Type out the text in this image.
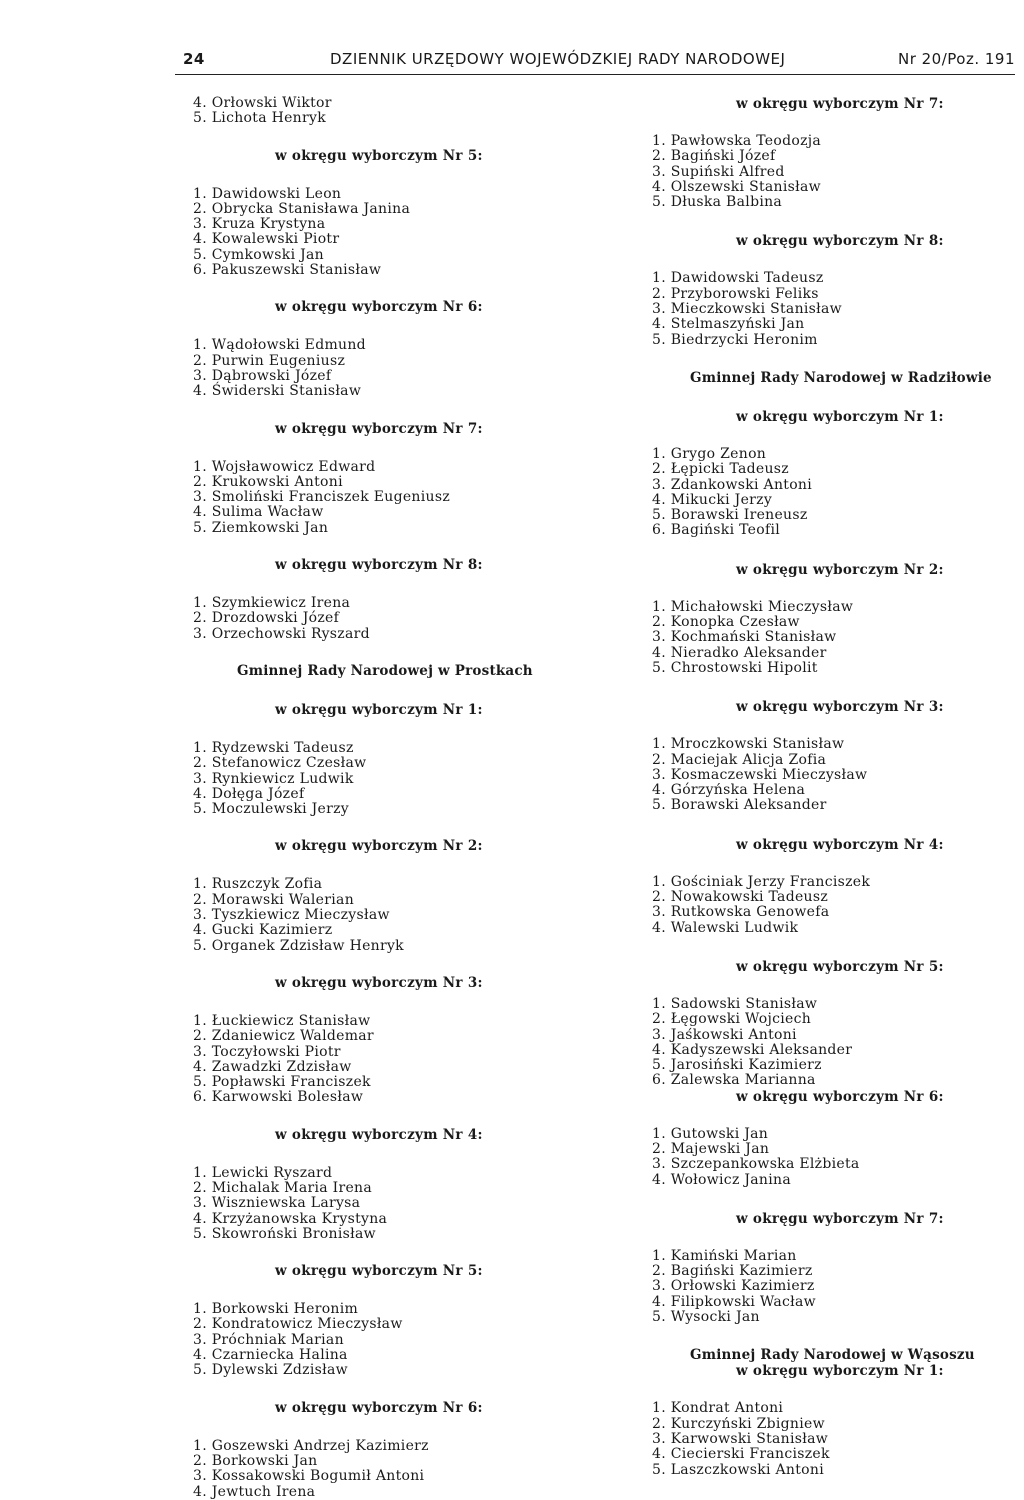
24	DZIENNIK URZĘDOWY WOJEWÓDZKIEJ RADY NARODOWEJ	Nr 20/Poz. 191
4. Orłowski Wiktor
5. Lichota Henryk
w okręgu wyborczym Nr 5:
1. Dawidowski Leon
2. Obrycka Stanisława Janina
3. Kruza Krystyna
4. Kowalewski Piotr
5. Cymkowski Jan
6. Pakuszewski Stanisław
w okręgu wyborczym Nr 6:
1. Wądołowski Edmund
2. Purwin Eugeniusz
3. Dąbrowski Józef
4. Świderski Stanisław
w okręgu wyborczym Nr 7:
1. Wojsławowicz Edward
2. Krukowski Antoni
3. Smoliński Franciszek Eugeniusz
4. Sulima Wacław
5. Ziemkowski Jan
w okręgu wyborczym Nr 8:
1. Szymkiewicz Irena
2. Drozdowski Józef
3. Orzechowski Ryszard
Gminnej Rady Narodowej w Prostkach
w okręgu wyborczym Nr 1:
1. Rydzewski Tadeusz
2. Stefanowicz Czesław
3. Rynkiewicz Ludwik
4. Dołęga Józef
5. Moczulewski Jerzy
w okręgu wyborczym Nr 2:
1. Ruszczyk Zofia
2. Morawski Walerian
3. Tyszkiewicz Mieczysław
4. Gucki Kazimierz
5. Organek Zdzisław Henryk
w okręgu wyborczym Nr 3:
1. Łuckiewicz Stanisław
2. Zdaniewicz Waldemar
3. Toczyłowski Piotr
4. Zawadzki Zdzisław
5. Popławski Franciszek
6. Karwowski Bolesław
w okręgu wyborczym Nr 4:
1. Lewicki Ryszard
2. Michalak Maria Irena
3. Wiszniewska Larysa
4. Krzyżanowska Krystyna
5. Skowroński Bronisław
w okręgu wyborczym Nr 5:
1. Borkowski Heronim
2. Kondratowicz Mieczysław
3. Próchniak Marian
4. Czarniecka Halina
5. Dylewski Zdzisław
w okręgu wyborczym Nr 6:
1. Goszewski Andrzej Kazimierz
2. Borkowski Jan
3. Kossakowski Bogumił Antoni
4. Jewtuch Irena
w okręgu wyborczym Nr 7:
1. Pawłowska Teodozja
2. Bagiński Józef
3. Supiński Alfred
4. Olszewski Stanisław
5. Dłuska Balbina
w okręgu wyborczym Nr 8:
1. Dawidowski Tadeusz
2. Przyborowski Feliks
3. Mieczkowski Stanisław
4. Stelmaszyński Jan
5. Biedrzycki Heronim
Gminnej Rady Narodowej w Radziłowie
w okręgu wyborczym Nr 1:
1. Grygo Zenon
2. Łępicki Tadeusz
3. Zdankowski Antoni
4. Mikucki Jerzy
5. Borawski Ireneusz
6. Bagiński Teofil
w okręgu wyborczym Nr 2:
1. Michałowski Mieczysław
2. Konopka Czesław
3. Kochmański Stanisław
4. Nieradko Aleksander
5. Chrostowski Hipolit
w okręgu wyborczym Nr 3:
1. Mroczkowski Stanisław
2. Maciejak Alicja Zofia
3. Kosmaczewski Mieczysław
4. Górzyńska Helena
5. Borawski Aleksander
w okręgu wyborczym Nr 4:
1. Gościniak Jerzy Franciszek
2. Nowakowski Tadeusz
3. Rutkowska Genowefa
4. Walewski Ludwik
w okręgu wyborczym Nr 5:
1. Sadowski Stanisław
2. Łęgowski Wojciech
3. Jaśkowski Antoni
4. Kadyszewski Aleksander
5. Jarosiński Kazimierz
6. Zalewska Marianna
w okręgu wyborczym Nr 6:
1. Gutowski Jan
2. Majewski Jan
3. Szczepankowska Elżbieta
4. Wołowicz Janina
w okręgu wyborczym Nr 7:
1. Kamiński Marian
2. Bagiński Kazimierz
3. Orłowski Kazimierz
4. Filipkowski Wacław
5. Wysocki Jan
Gminnej Rady Narodowej w Wąsoszu
w okręgu wyborczym Nr 1:
1. Kondrat Antoni
2. Kurczyński Zbigniew
3. Karwowski Stanisław
4. Ciecierski Franciszek
5. Laszczkowski Antoni
